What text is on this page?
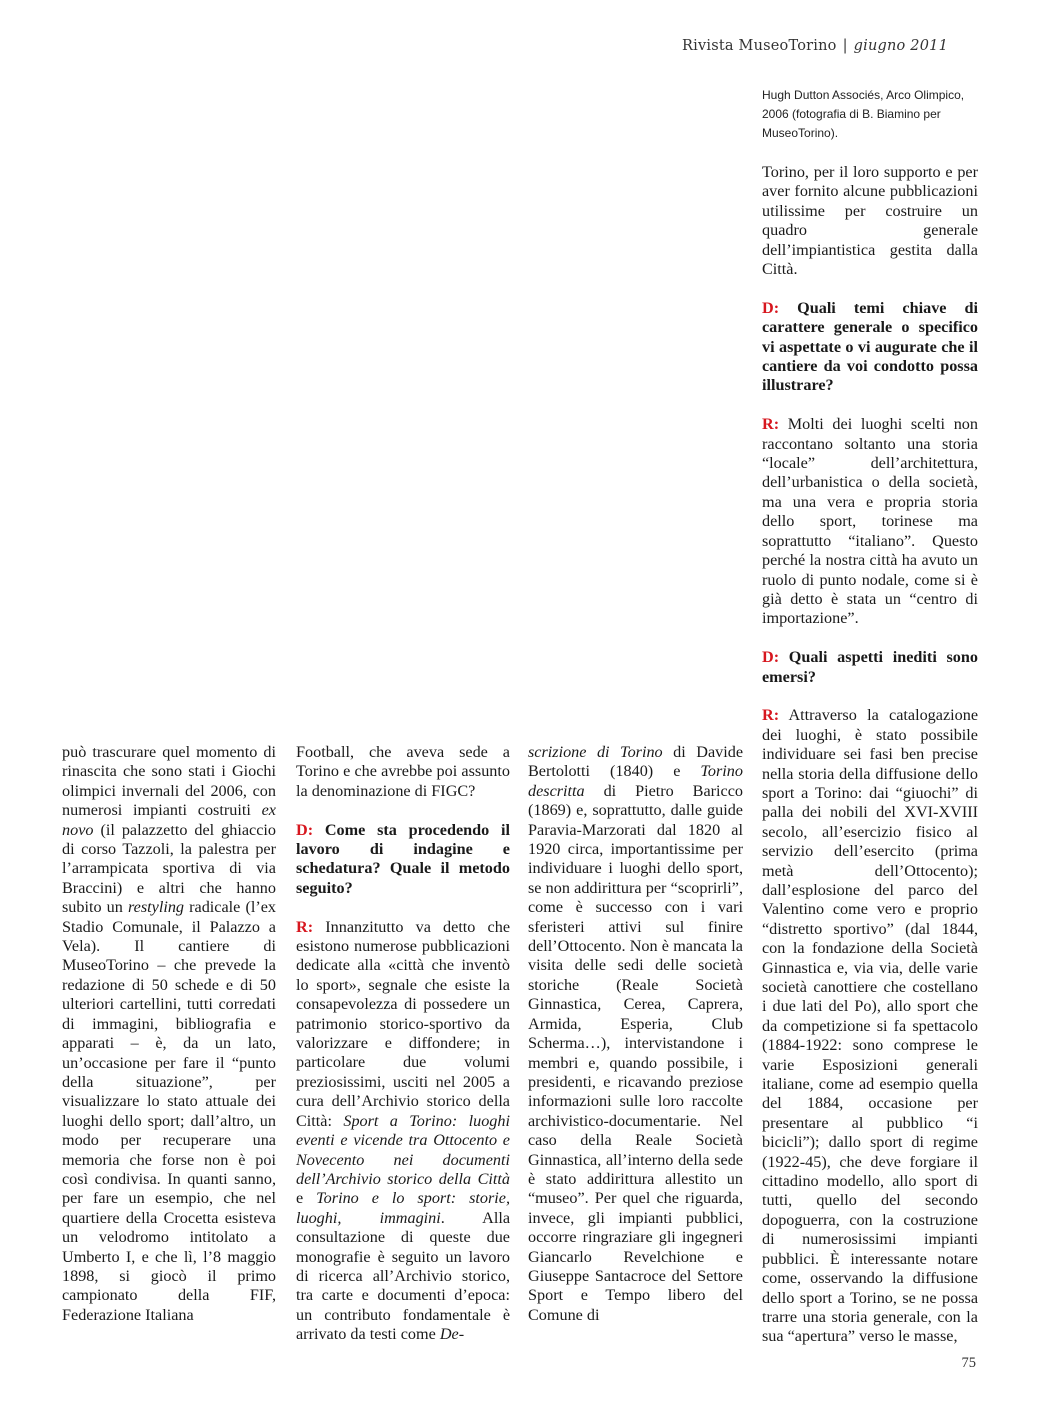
Rivista MuseoTorino | giugno 2011
Hugh Dutton Associés, Arco Olimpico, 2006 (fotografia di B. Biamino per MuseoTorino).

può trascurare quel momento di rinascita che sono stati i Giochi olimpici invernali del 2006, con numerosi impianti costruiti ex novo (il palazzetto del ghiaccio di corso Tazzoli, la palestra per l’arrampicata sportiva di via Braccini) e altri che hanno subito un restyling radicale (l’ex Stadio Comunale, il Palazzo a Vela). Il cantiere di MuseoTorino – che prevede la redazione di 50 schede e di 50 ulteriori cartellini, tutti corredati di immagini, bibliografia e apparati – è, da un lato, un’occasione per fare il “punto della situazione”, per visualizzare lo stato attuale dei luoghi dello sport; dall’altro, un modo per recuperare una memoria che forse non è poi così condivisa. In quanti sanno, per fare un esempio, che nel quartiere della Crocetta esisteva un velodromo intitolato a Umberto I, e che lì, l’8 maggio 1898, si giocò il primo campionato della FIF, Federazione Italiana

Football, che aveva sede a Torino e che avrebbe poi assunto la denominazione di FIGC?

D: Come sta procedendo il lavoro di indagine e schedatura? Quale il metodo seguito?

R: Innanzitutto va detto che esistono numerose pubblicazioni dedicate alla «città che inventò lo sport», segnale che esiste la consapevolezza di possedere un patrimonio storico-sportivo da valorizzare e diffondere; in particolare due volumi preziosissimi, usciti nel 2005 a cura dell’Archivio storico della Città: Sport a Torino: luoghi eventi e vicende tra Ottocento e Novecento nei documenti dell’Archivio storico della Città e Torino e lo sport: storie, luoghi, immagini. Alla consultazione di queste due monografie è seguito un lavoro di ricerca all’Archivio storico, tra carte e documenti d’epoca: un contributo fondamentale è arrivato da testi come De-

scrizione di Torino di Davide Bertolotti (1840) e Torino descritta di Pietro Baricco (1869) e, soprattutto, dalle guide Paravia-Marzorati dal 1820 al 1920 circa, importantissime per individuare i luoghi dello sport, se non addirittura per “scoprirli”, come è successo con i vari sferisteri attivi sul finire dell’Ottocento. Non è mancata la visita delle sedi delle società storiche (Reale Società Ginnastica, Cerea, Caprera, Armida, Esperia, Club Scherma…), intervistandone i membri e, quando possibile, i presidenti, e ricavando preziose informazioni sulle loro raccolte archivistico-documentarie. Nel caso della Reale Società Ginnastica, all’interno della sede è stato addirittura allestito un “museo”. Per quel che riguarda, invece, gli impianti pubblici, occorre ringraziare gli ingegneri Giancarlo Revelchione e Giuseppe Santacroce del Settore Sport e Tempo libero del Comune di

Torino, per il loro supporto e per aver fornito alcune pubblicazioni utilissime per costruire un quadro generale dell’impiantistica gestita dalla Città.

D: Quali temi chiave di carattere generale o specifico vi aspettate o vi augurate che il cantiere da voi condotto possa illustrare?

R: Molti dei luoghi scelti non raccontano soltanto una storia “locale” dell’architettura, dell’urbanistica o della società, ma una vera e propria storia dello sport, torinese ma soprattutto “italiano”. Questo perché la nostra città ha avuto un ruolo di punto nodale, come si è già detto è stata un “centro di importazione”.

D: Quali aspetti inediti sono emersi?

R: Attraverso la catalogazione dei luoghi, è stato possibile individuare sei fasi ben precise nella storia della diffusione dello sport a Torino: dai “giuochi” di palla dei nobili del XVI-XVIII secolo, all’esercizio fisico al servizio dell’esercito (prima metà dell’Ottocento); dall’esplosione del parco del Valentino come vero e proprio “distretto sportivo” (dal 1844, con la fondazione della Società Ginnastica e, via via, delle varie società canottiere che costellano i due lati del Po), allo sport che da competizione si fa spettacolo (1884-1922: sono comprese le varie Esposizioni generali italiane, come ad esempio quella del 1884, occasione per presentare al pubblico “i bicicli”); dallo sport di regime (1922-45), che deve forgiare il cittadino modello, allo sport di tutti, quello del secondo dopoguerra, con la costruzione di numerosissimi impianti pubblici. È interessante notare come, osservando la diffusione dello sport a Torino, se ne possa trarre una storia generale, con la sua “apertura” verso le masse,

75
